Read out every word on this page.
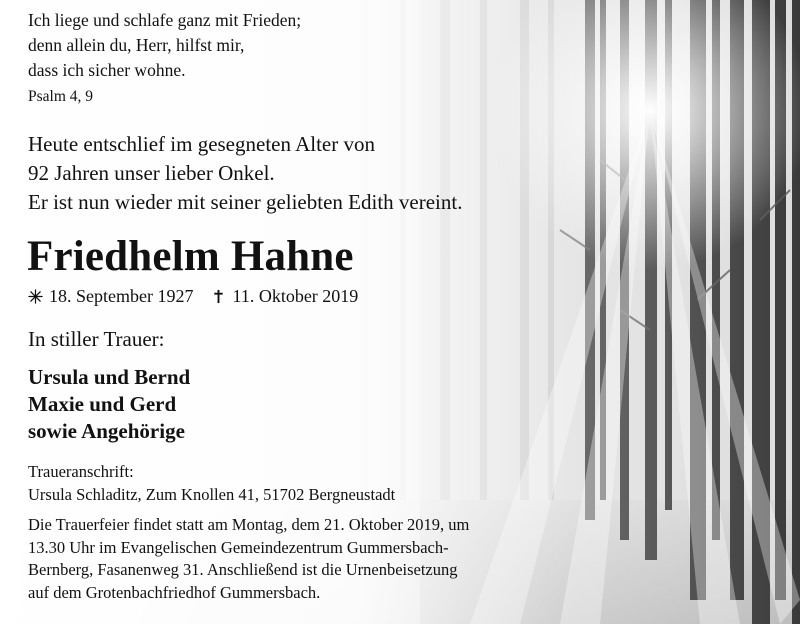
Ich liege und schlafe ganz mit Frieden;
denn allein du, Herr, hilfst mir,
dass ich sicher wohne.
Psalm 4, 9
Heute entschlief im gesegneten Alter von
92 Jahren unser lieber Onkel.
Er ist nun wieder mit seiner geliebten Edith vereint.
Friedhelm Hahne
18. September 1927 11. Oktober 2019
In stiller Trauer:
Ursula und Bernd
Maxie und Gerd
sowie Angehörige
Traueranschrift:
Ursula Schladitz, Zum Knollen 41, 51702 Bergneustadt
Die Trauerfeier findet statt am Montag, dem 21. Oktober 2019, um
13.30 Uhr im Evangelischen Gemeindezentrum Gummersbach-
Bernberg, Fasanenweg 31. Anschließend ist die Urnenbeisetzung
auf dem Grotenbachfriedhof Gummersbach.
